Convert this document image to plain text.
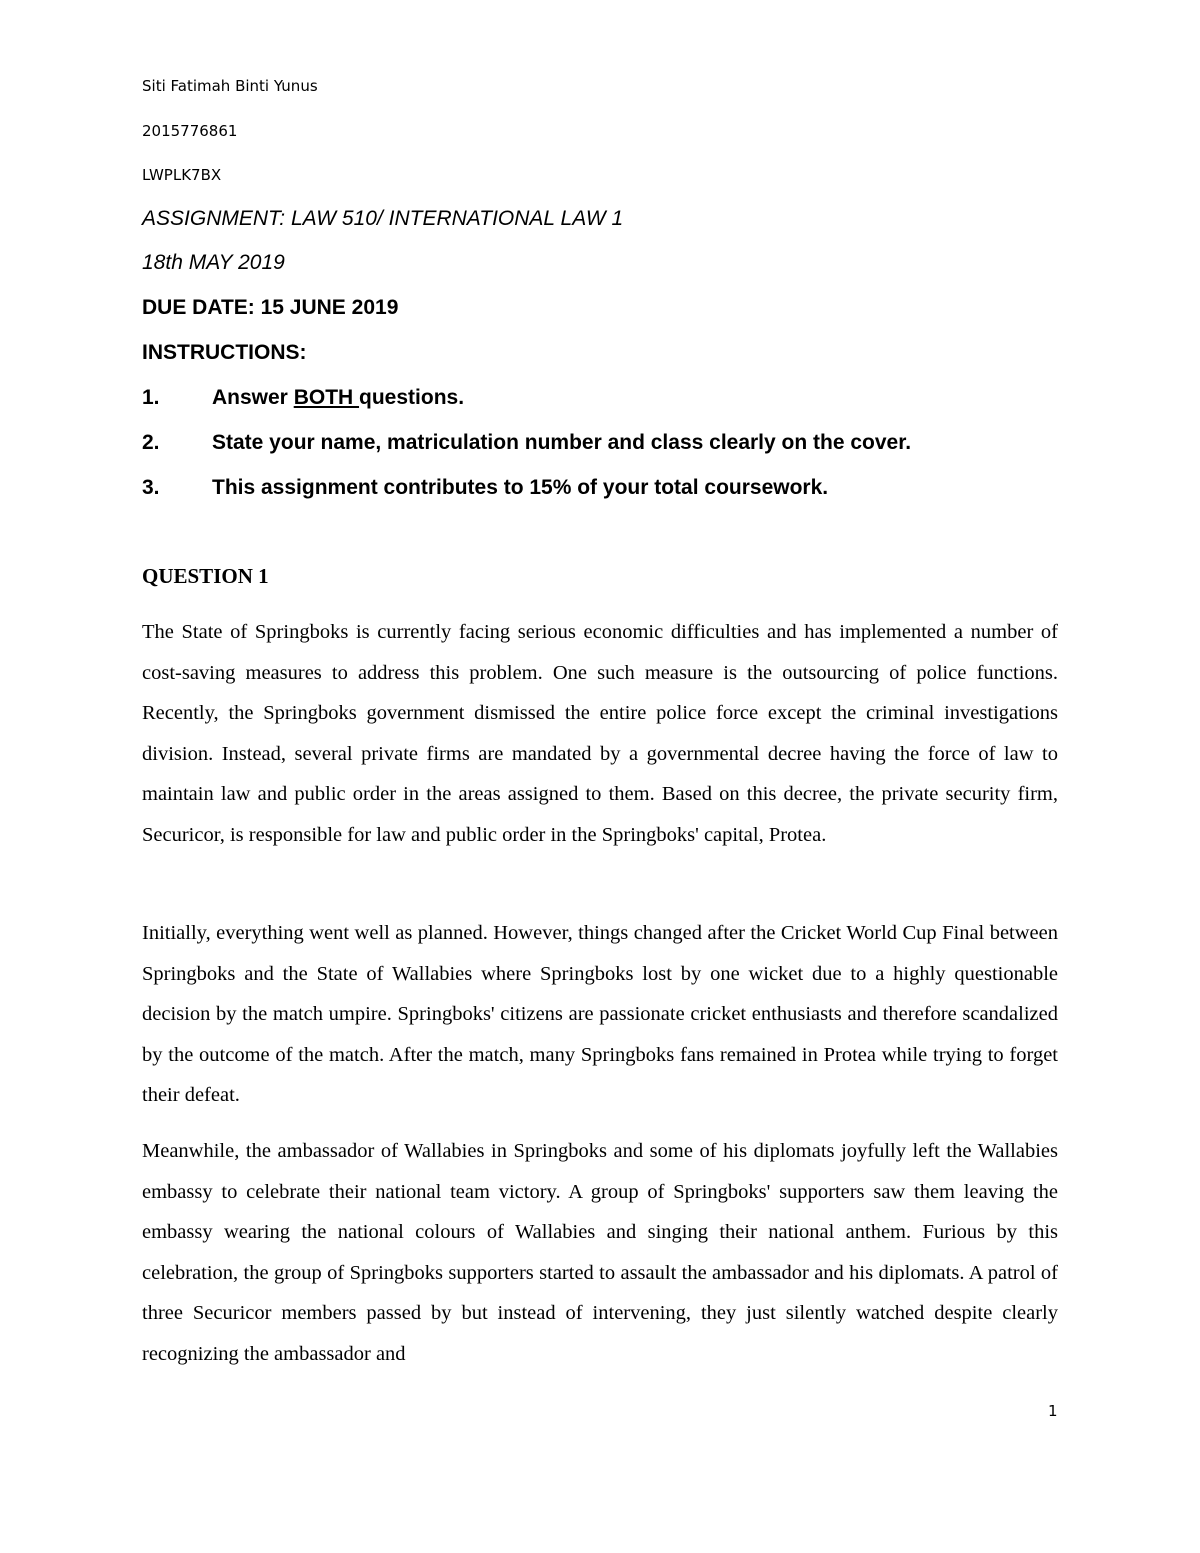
Siti Fatimah Binti Yunus
2015776861
LWPLK7BX
ASSIGNMENT: LAW 510/ INTERNATIONAL LAW 1
18th MAY 2019
DUE DATE: 15 JUNE 2019
INSTRUCTIONS:
1. Answer BOTH questions.
2. State your name, matriculation number and class clearly on the cover.
3. This assignment contributes to 15% of your total coursework.
QUESTION 1

The State of Springboks is currently facing serious economic difficulties and has implemented a number of cost-saving measures to address this problem. One such measure is the outsourcing of police functions. Recently, the Springboks government dismissed the entire police force except the criminal investigations division. Instead, several private firms are mandated by a governmental decree having the force of law to maintain law and public order in the areas assigned to them. Based on this decree, the private security firm, Securicor, is responsible for law and public order in the Springboks' capital, Protea.

Initially, everything went well as planned. However, things changed after the Cricket World Cup Final between Springboks and the State of Wallabies where Springboks lost by one wicket due to a highly questionable decision by the match umpire. Springboks' citizens are passionate cricket enthusiasts and therefore scandalized by the outcome of the match. After the match, many Springboks fans remained in Protea while trying to forget their defeat.

Meanwhile, the ambassador of Wallabies in Springboks and some of his diplomats joyfully left the Wallabies embassy to celebrate their national team victory. A group of Springboks' supporters saw them leaving the embassy wearing the national colours of Wallabies and singing their national anthem. Furious by this celebration, the group of Springboks supporters started to assault the ambassador and his diplomats. A patrol of three Securicor members passed by but instead of intervening, they just silently watched despite clearly recognizing the ambassador and

1
